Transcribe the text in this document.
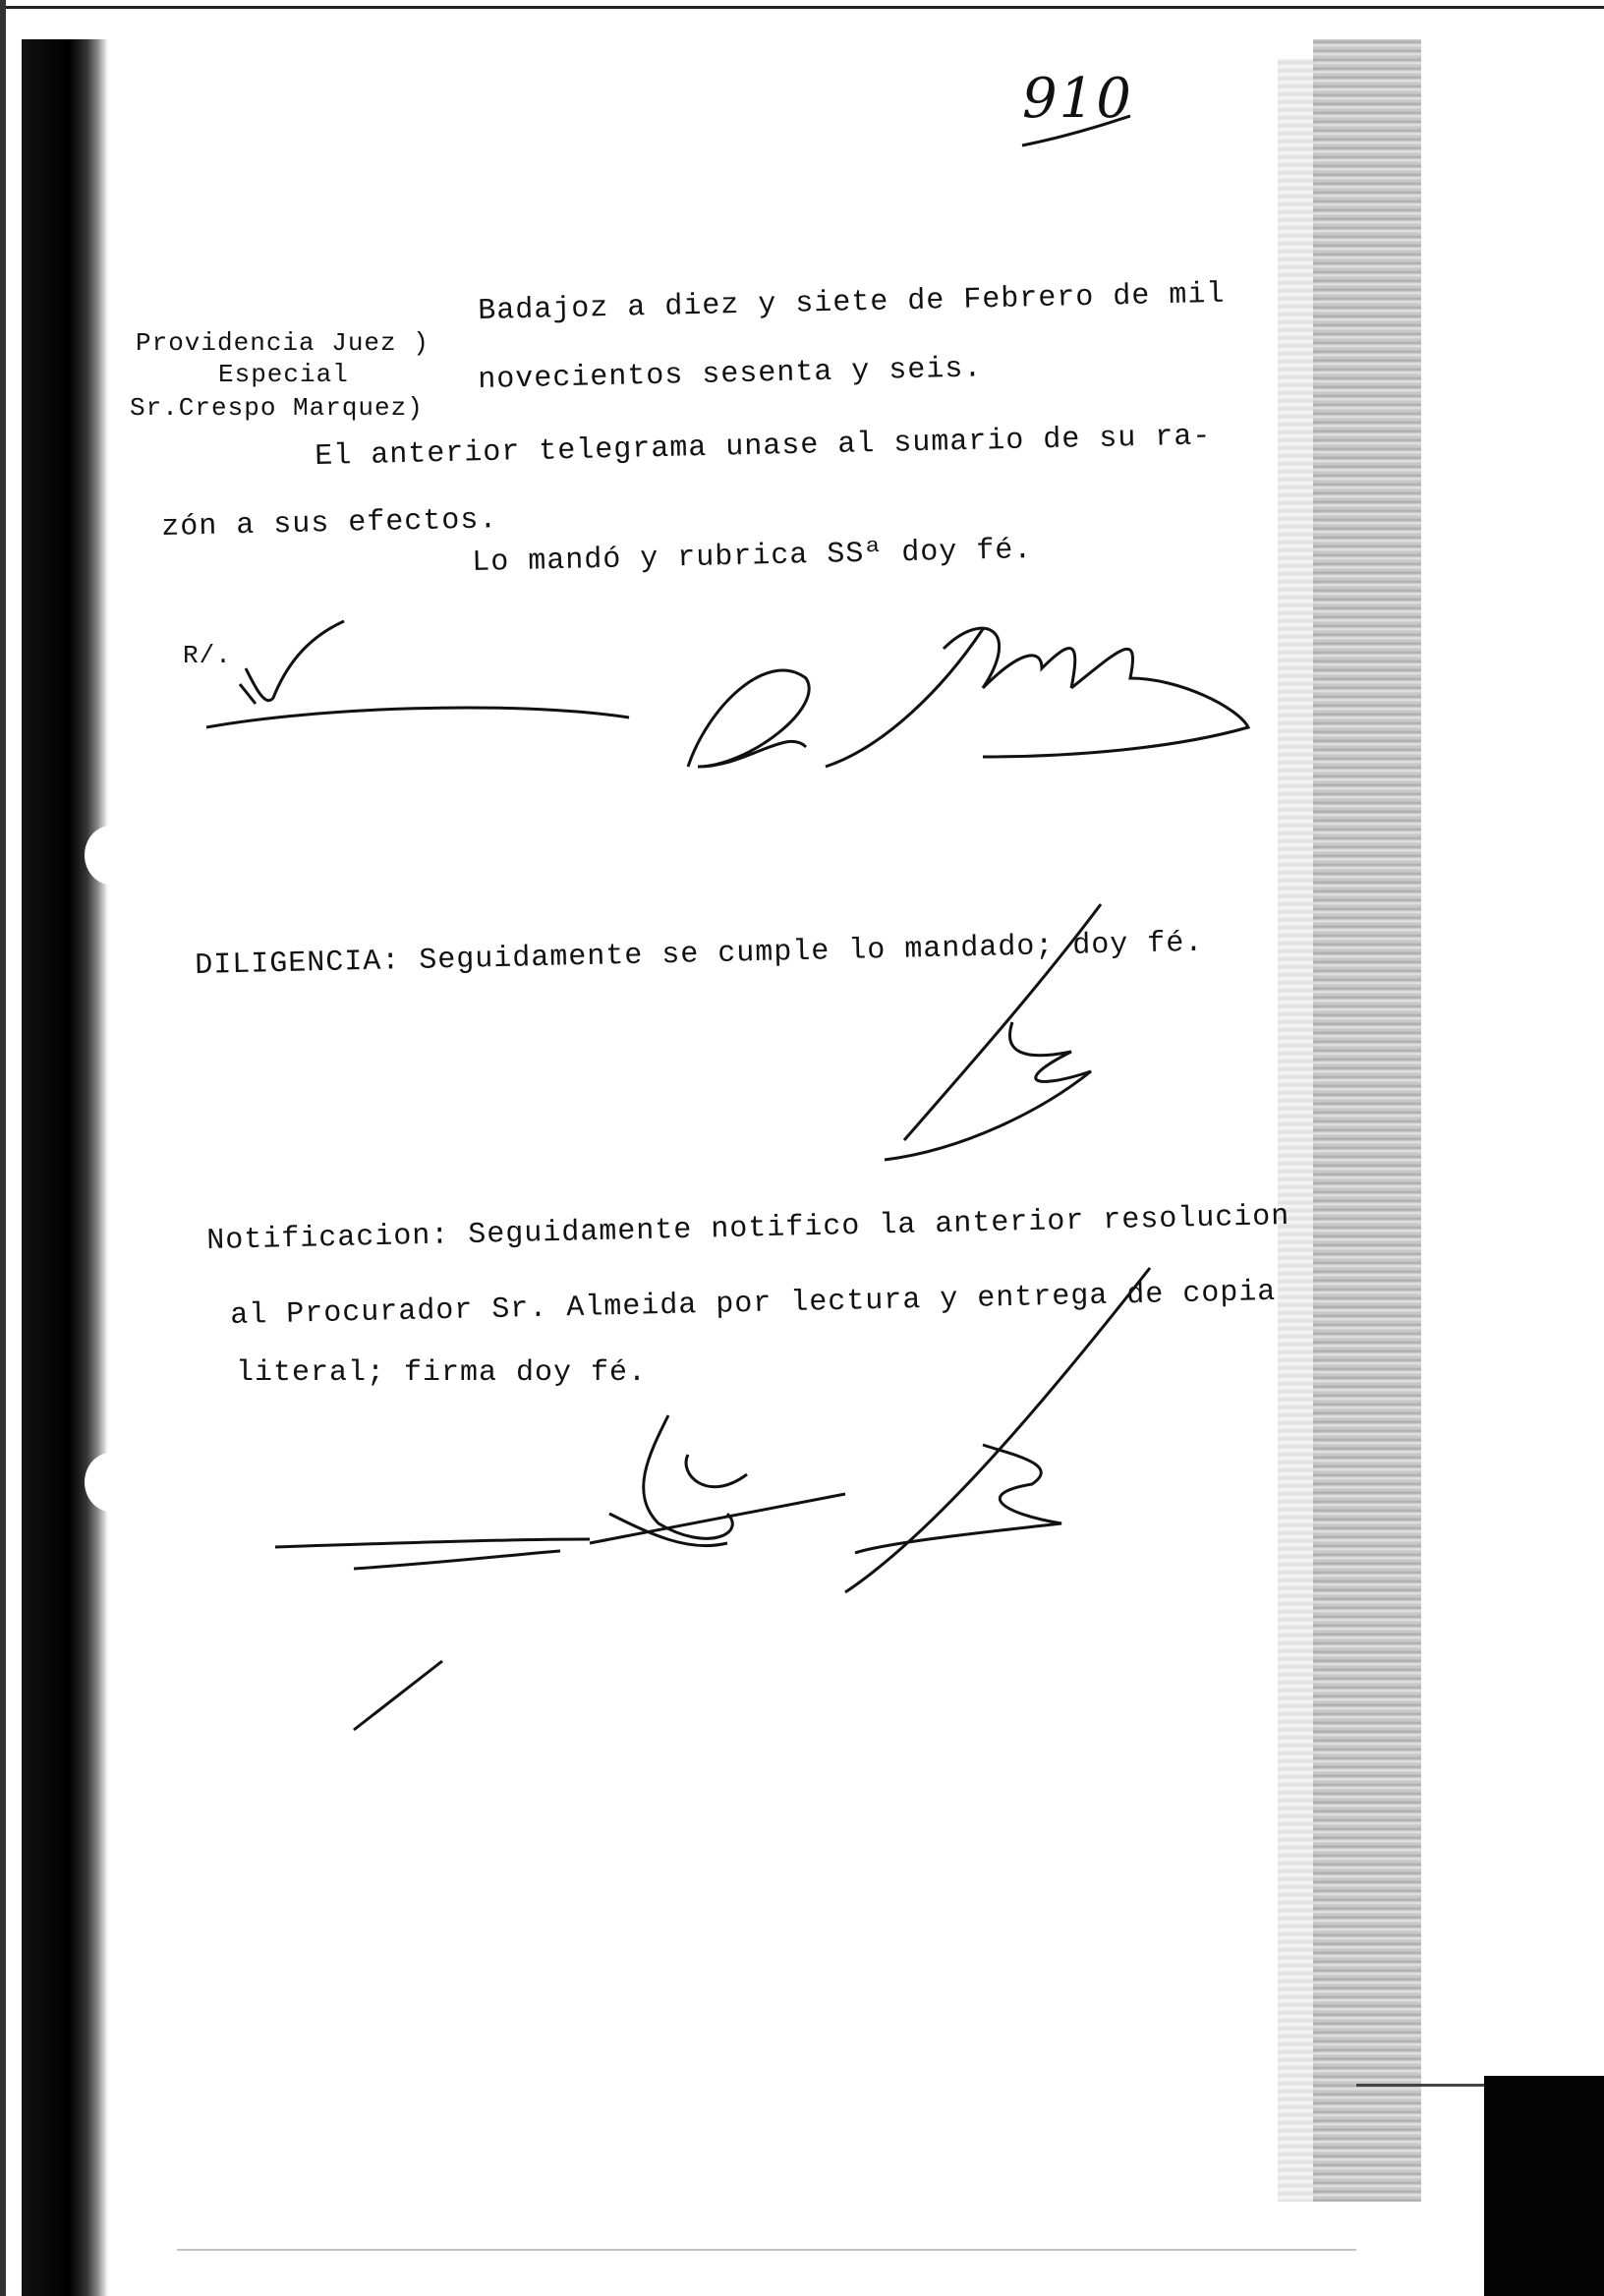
910
Providencia Juez )
Especial
Sr.Crespo Marquez)
Badajoz a diez y siete de Febrero de mil
novecientos sesenta y seis.
El anterior telegrama unase al sumario de su ra-
zón a sus efectos.
Lo mandó y rubrica SSª doy fé.
R/.
DILIGENCIA: Seguidamente se cumple lo mandado; doy fé.
Notificacion: Seguidamente notifico la anterior resolucion
al Procurador Sr. Almeida por lectura y entrega de copia
literal; firma doy fé.
